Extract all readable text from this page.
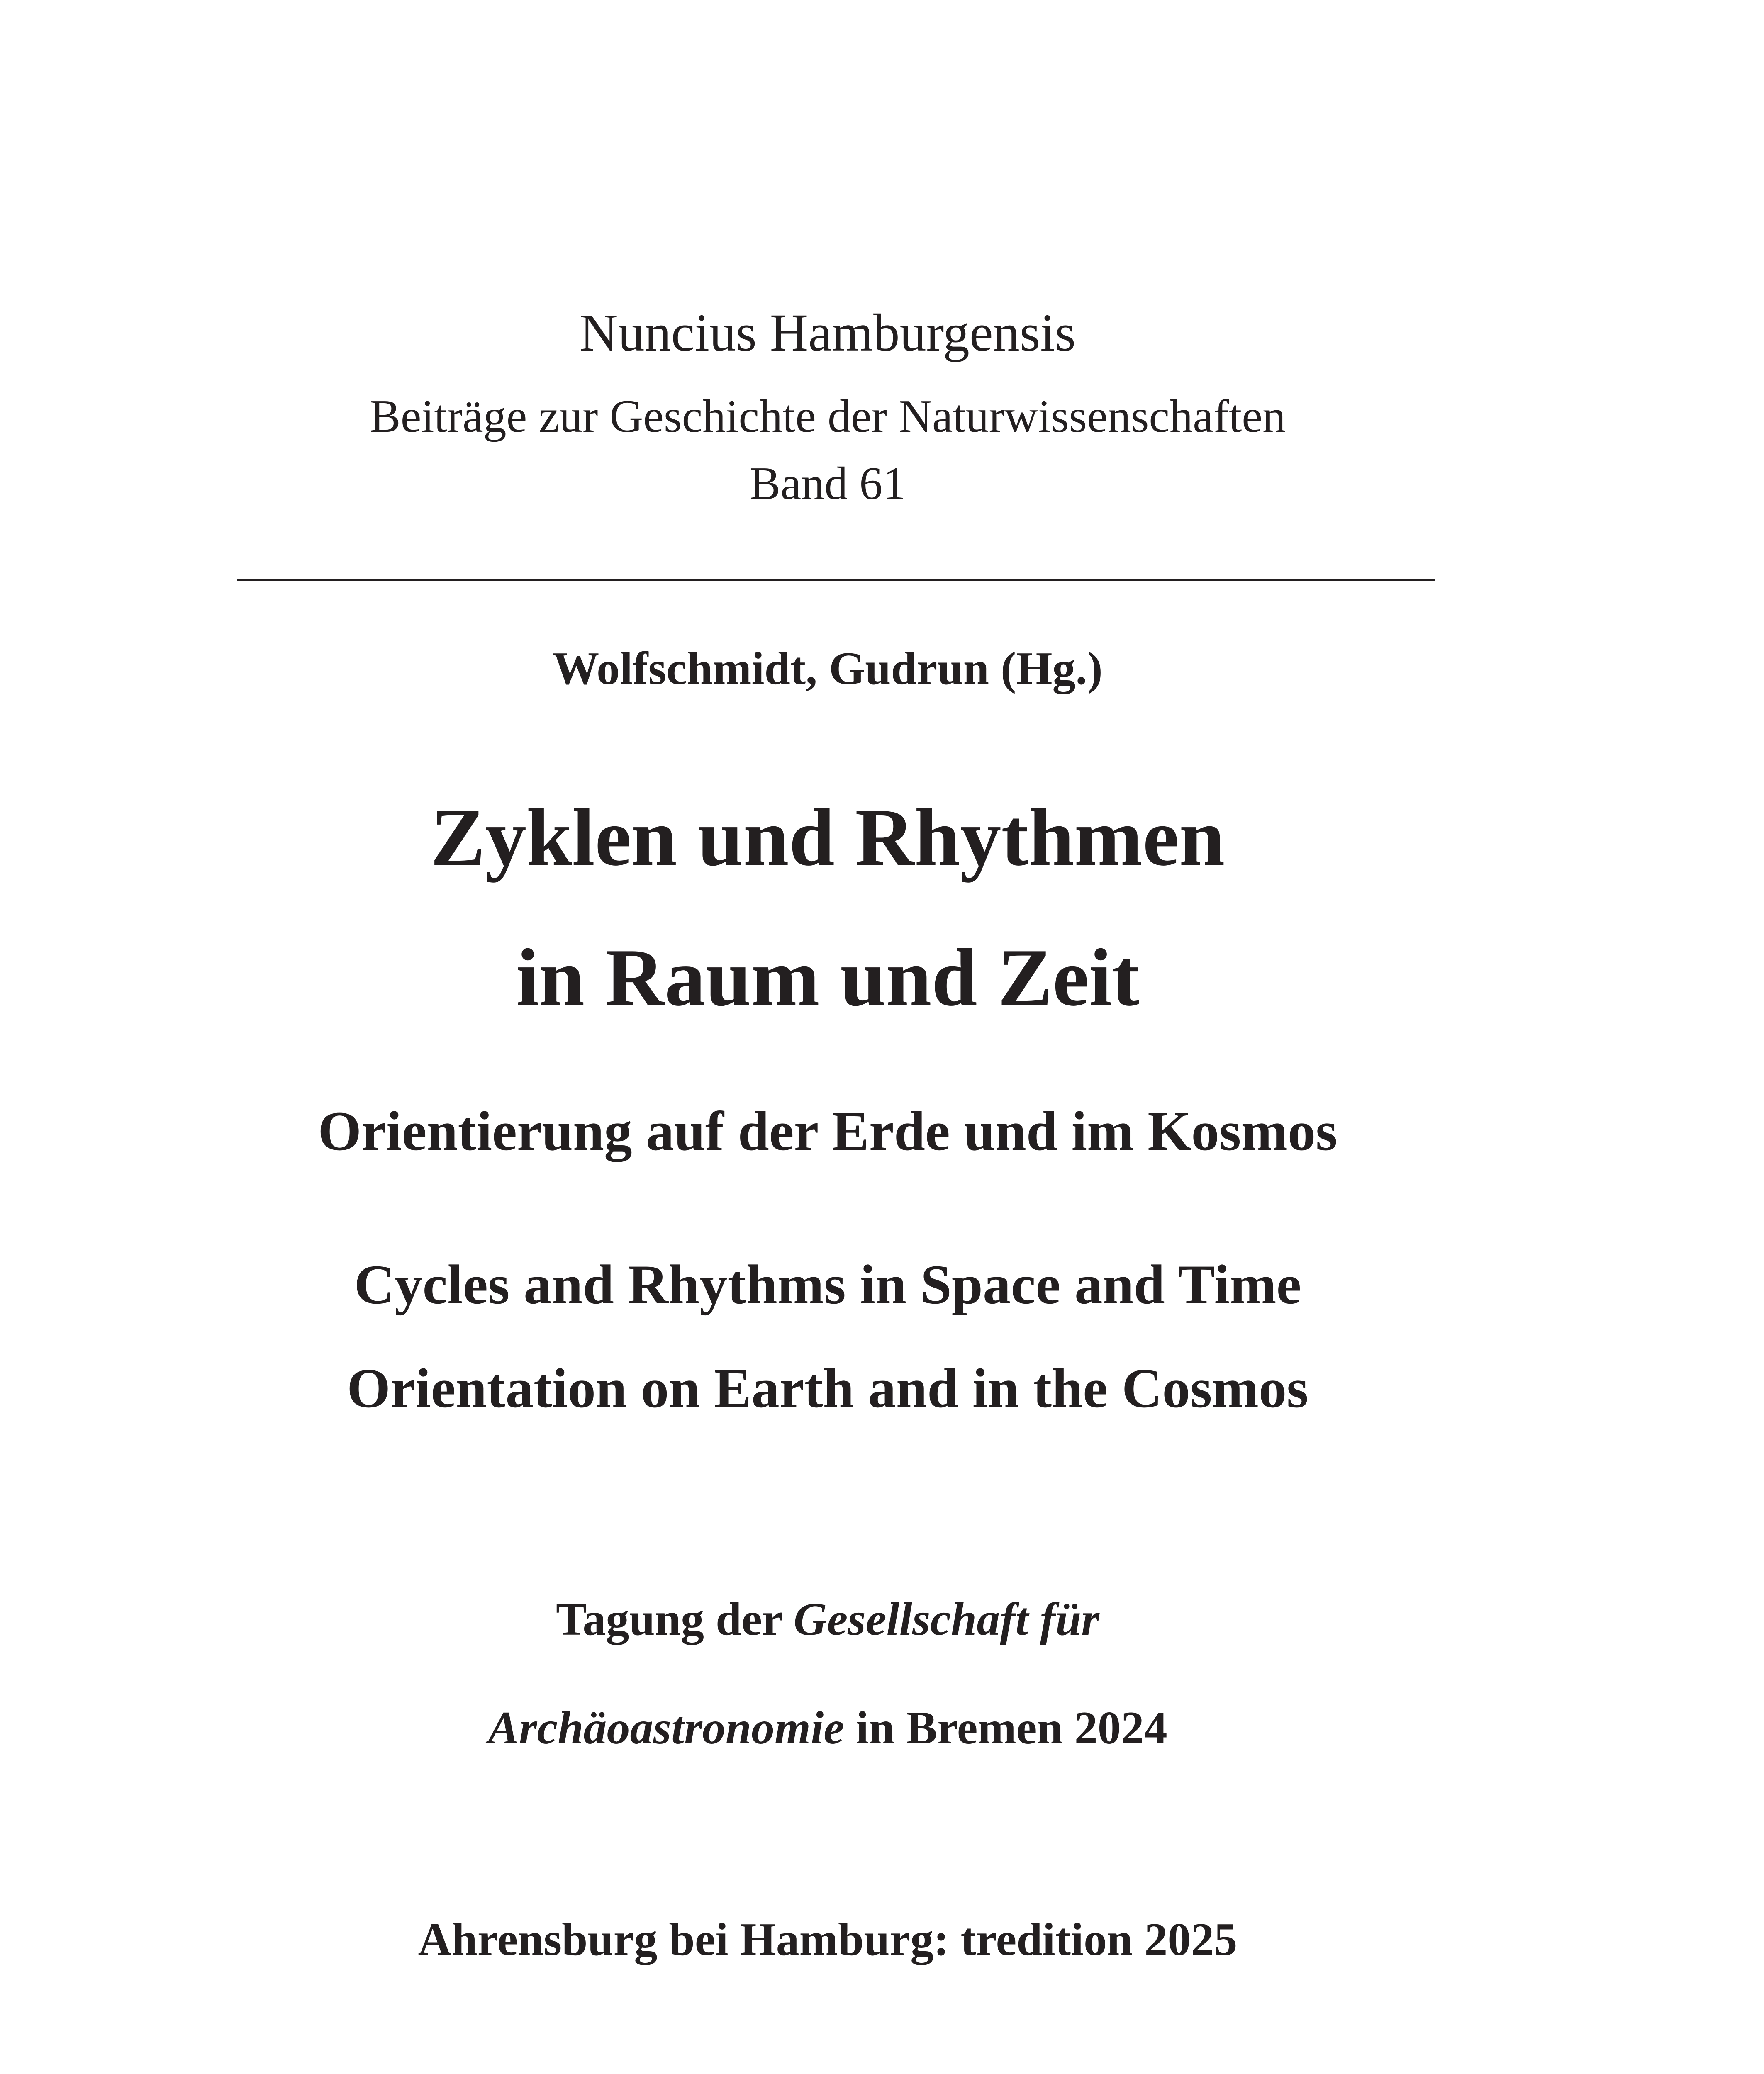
Nuncius Hamburgensis
Beiträge zur Geschichte der Naturwissenschaften
Band 61
Wolfschmidt, Gudrun (Hg.)
Zyklen und Rhythmen
in Raum und Zeit
Orientierung auf der Erde und im Kosmos
Cycles and Rhythms in Space and Time
Orientation on Earth and in the Cosmos
Tagung der Gesellschaft für
Archäoastronomie in Bremen 2024
Ahrensburg bei Hamburg: tredition 2025
